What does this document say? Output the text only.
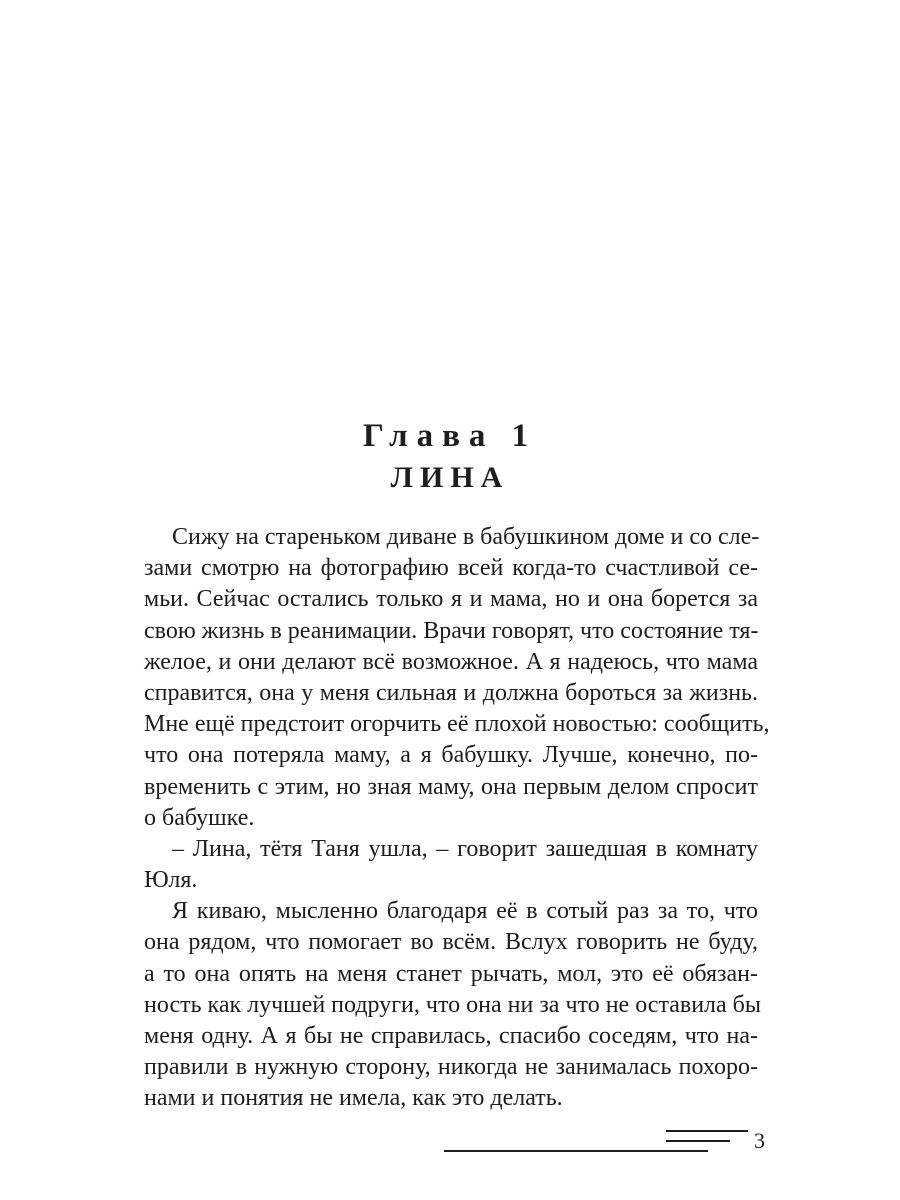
Глава 1
ЛИНА
Сижу на стареньком диване в бабушкином доме и со сле-
зами смотрю на фотографию всей когда-то счастливой се-
мьи. Сейчас остались только я и мама, но и она борется за
свою жизнь в реанимации. Врачи говорят, что состояние тя-
желое, и они делают всё возможное. А я надеюсь, что мама
справится, она у меня сильная и должна бороться за жизнь.
Мне ещё предстоит огорчить её плохой новостью: сообщить,
что она потеряла маму, а я бабушку. Лучше, конечно, по-
временить с этим, но зная маму, она первым делом спросит
о бабушке.
– Лина, тётя Таня ушла, – говорит зашедшая в комнату
Юля.
Я киваю, мысленно благодаря её в сотый раз за то, что
она рядом, что помогает во всём. Вслух говорить не буду,
а то она опять на меня станет рычать, мол, это её обязан-
ность как лучшей подруги, что она ни за что не оставила бы
меня одну. А я бы не справилась, спасибо соседям, что на-
правили в нужную сторону, никогда не занималась похоро-
нами и понятия не имела, как это делать.
3
